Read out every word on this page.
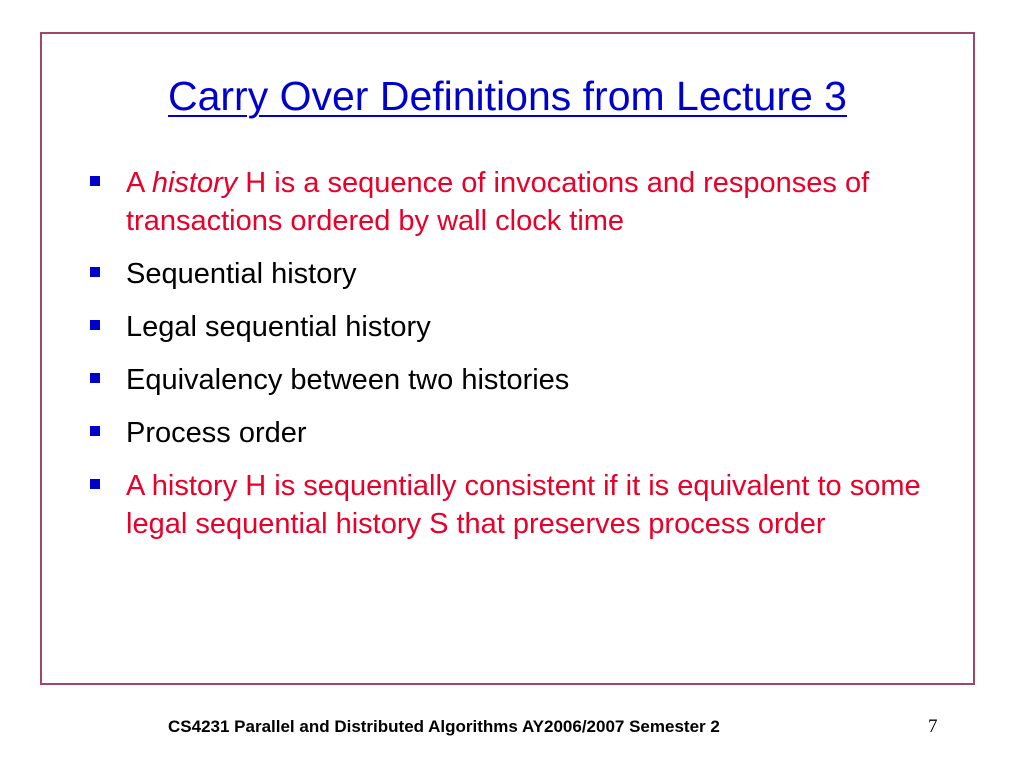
Carry Over Definitions from Lecture 3
A history H is a sequence of invocations and responses of transactions ordered by wall clock time
Sequential history
Legal sequential history
Equivalency between two histories
Process order
A history H is sequentially consistent if it is equivalent to some legal sequential history S that preserves process order
CS4231 Parallel and Distributed Algorithms AY2006/2007 Semester 2	7
